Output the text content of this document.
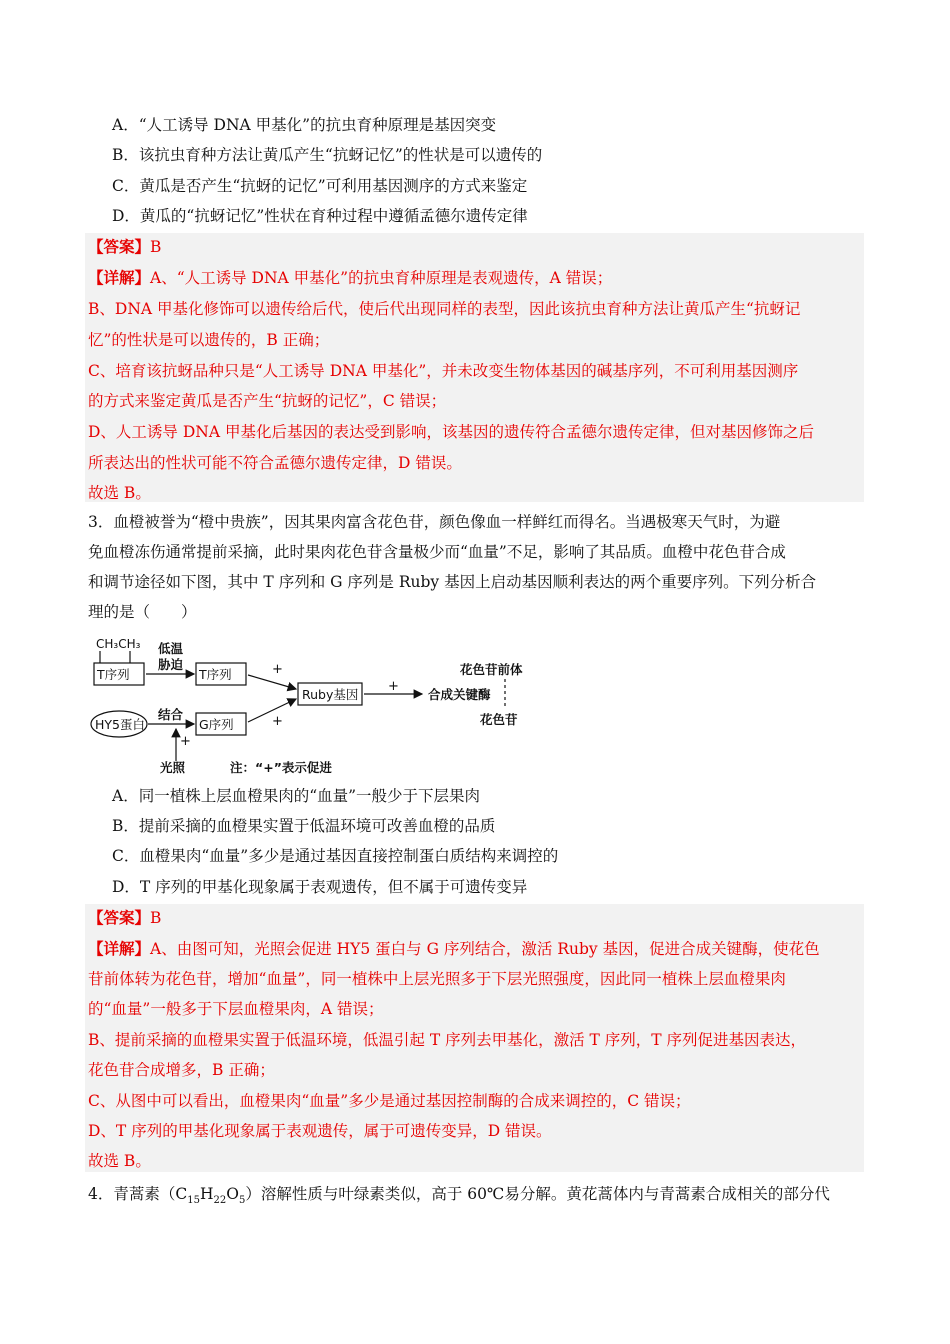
A．“人工诱导 DNA 甲基化”的抗虫育种原理是基因突变
B．该抗虫育种方法让黄瓜产生“抗蚜记忆”的性状是可以遗传的
C．黄瓜是否产生“抗蚜的记忆”可利用基因测序的方式来鉴定
D．黄瓜的“抗蚜记忆”性状在育种过程中遵循孟德尔遗传定律
【答案】B
【详解】A、“人工诱导 DNA 甲基化”的抗虫育种原理是表观遗传，A 错误；
B、DNA 甲基化修饰可以遗传给后代，使后代出现同样的表型，因此该抗虫育种方法让黄瓜产生“抗蚜记
忆”的性状是可以遗传的，B 正确；
C、培育该抗蚜品种只是“人工诱导 DNA 甲基化”，并未改变生物体基因的碱基序列，不可利用基因测序
的方式来鉴定黄瓜是否产生“抗蚜的记忆”，C 错误；
D、人工诱导 DNA 甲基化后基因的表达受到影响，该基因的遗传符合孟德尔遗传定律，但对基因修饰之后
所表达出的性状可能不符合孟德尔遗传定律，D 错误。
故选 B。
3．血橙被誉为“橙中贵族”，因其果肉富含花色苷，颜色像血一样鲜红而得名。当遇极寒天气时，为避
免血橙冻伤通常提前采摘，此时果肉花色苷含量极少而“血量”不足，影响了其品质。血橙中花色苷合成
和调节途径如下图，其中 T 序列和 G 序列是 Ruby 基因上启动基因顺利表达的两个重要序列。下列分析合
理的是（　　）
CH₃CH₃
T序列
低温
胁迫
T序列	+
Ruby基因
+
合成关键酶
花色苷前体
花色苷
HY5蛋白
结合
+
光照
G序列	+
注：“+”表示促进
A．同一植株上层血橙果肉的“血量”一般少于下层果肉
B．提前采摘的血橙果实置于低温环境可改善血橙的品质
C．血橙果肉“血量”多少是通过基因直接控制蛋白质结构来调控的
D．T 序列的甲基化现象属于表观遗传，但不属于可遗传变异
【答案】B
【详解】A、由图可知，光照会促进 HY5 蛋白与 G 序列结合，激活 Ruby 基因，促进合成关键酶，使花色
苷前体转为花色苷，增加“血量”，同一植株中上层光照多于下层光照强度，因此同一植株上层血橙果肉
的“血量”一般多于下层血橙果肉，A 错误；
B、提前采摘的血橙果实置于低温环境，低温引起 T 序列去甲基化，激活 T 序列，T 序列促进基因表达，
花色苷合成增多，B 正确；
C、从图中可以看出，血橙果肉“血量”多少是通过基因控制酶的合成来调控的，C 错误；
D、T 序列的甲基化现象属于表观遗传，属于可遗传变异，D 错误。
故选 B。
4．青蒿素$(C_{15}H_{22}O_5)$溶解性质与叶绿素类似，高于 60℃易分解。黄花蒿体内与青蒿素合成相关的部分代
